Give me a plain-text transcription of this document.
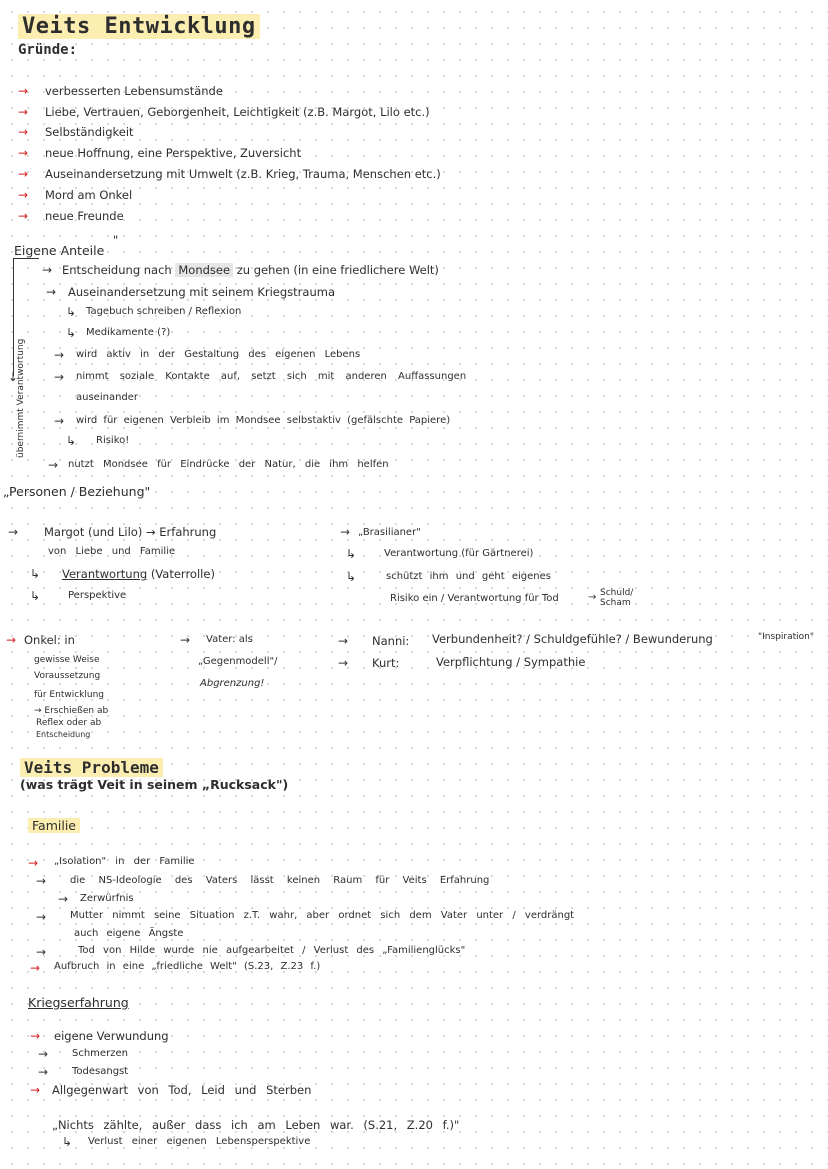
Veits Entwicklung
Gründe:
→ verbesserten Lebensumstände
→ Liebe, Vertrauen, Geborgenheit, Leichtigkeit (z.B. Margot, Lilo etc.)
→ Selbständigkeit
→ neue Hoffnung, eine Perspektive, Zuversicht
→ Auseinandersetzung mit Umwelt (z.B. Krieg, Trauma, Menschen etc.)
→ Mord am Onkel
→ neue Freunde
Eigene Anteile
"
↓
übernimmt Verantwortung
→ Entscheidung nach Mondsee zu gehen (in eine friedlichere Welt)
→ Auseinandersetzung mit seinem Kriegstrauma
↳ Tagebuch schreiben / Reflexion
↳ Medikamente (?)
→ wird aktiv in der Gestaltung des eigenen Lebens
→ nimmt soziale Kontakte auf, setzt sich mit anderen Auffassungen
auseinander
→ wird für eigenen Verbleib im Mondsee selbstaktiv (gefälschte Papiere)
↳ Risiko!
→ nutzt Mondsee für Eindrücke der Natur, die ihm helfen
„Personen / Beziehung"
→ Margot (und Lilo) → Erfahrung
von Liebe und Familie
↳ Verantwortung (Vaterrolle)
↳	Perspektive
→ „Brasilianer"
↳	Verantwortung (für Gärtnerei)
↳	schützt ihm und geht eigenes
Risiko ein / Verantwortung für Tod	→ Schuld/
Scham
→ Onkel: in
gewisse Weise
Voraussetzung
für Entwicklung
→ Erschießen ab
Reflex oder ab
Entscheidung
→ Vater: als
„Gegenmodell"/
Abgrenzung!
→ Nanni: Verbundenheit? / Schuldgefühle? / Bewunderung	"Inspiration"
→ Kurt:	Verpflichtung / Sympathie
Veits Probleme
(was trägt Veit in seinem „Rucksack")
Familie
→ „Isolation" in der Familie
→ die NS-Ideologie des Vaters lässt keinen Raum für Veits Erfahrung
→ Zerwürfnis
→ Mutter nimmt seine Situation z.T. wahr, aber ordnet sich dem Vater unter / verdrängt
auch eigene Ängste
→	Tod von Hilde wurde nie aufgearbeitet / Verlust des „Familienglücks"
→ Aufbruch in eine „friedliche Welt" (S.23, Z.23 f.)
Kriegserfahrung
→ eigene Verwundung
→ Schmerzen
→ Todesangst
→ Allgegenwart von Tod, Leid und Sterben
„Nichts zählte, außer dass ich am Leben war. (S.21, Z.20 f.)"
↳ Verlust einer eigenen Lebensperspektive
